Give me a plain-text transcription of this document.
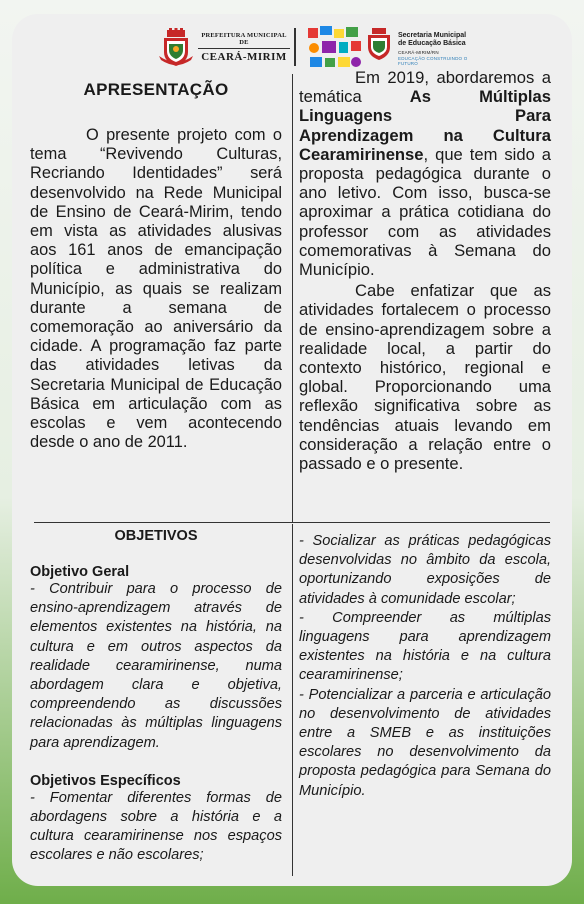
PREFEITURA MUNICIPAL DE
CEARÁ-MIRIM
Secretaria Municipal
de Educação Básica
CEARÁ-MIRIM/RN
EDUCAÇÃO CONSTRUINDO O FUTURO
APRESENTAÇÃO
O presente projeto com o tema “Revivendo Culturas, Recriando Identidades” será desenvolvido na Rede Municipal de Ensino de Ceará-Mirim, tendo em vista as atividades alusivas aos 161 anos de emancipação política e administrativa do Município, as quais se realizam durante a semana de comemoração ao aniversário da cidade. A programação faz parte das atividades letivas da Secretaria Municipal de Educação Básica em articulação com as escolas e vem acontecendo desde o ano de 2011.
Em 2019, abordaremos a temática As Múltiplas Linguagens Para Aprendizagem na Cultura Cearamirinense, que tem sido a proposta pedagógica durante o ano letivo. Com isso, busca-se aproximar a prática cotidiana do professor com as atividades comemorativas à Semana do Município.
Cabe enfatizar que as atividades fortalecem o processo de ensino-aprendizagem sobre a realidade local, a partir do contexto histórico, regional e global. Proporcionando uma reflexão significativa sobre as tendências atuais levando em consideração a relação entre o passado e o presente.
OBJETIVOS
Objetivo Geral
- Contribuir para o processo de ensino-aprendizagem através de elementos existentes na história, na cultura e em outros aspectos da realidade cearamirinense, numa abordagem clara e objetiva, compreendendo as discussões relacionadas às múltiplas linguagens para aprendizagem.
Objetivos Específicos
- Fomentar diferentes formas de abordagens sobre a história e a cultura cearamirinense nos espaços escolares e não escolares;
- Socializar as práticas pedagógicas desenvolvidas no âmbito da escola, oportunizando exposições de atividades à comunidade escolar;
- Compreender as múltiplas linguagens para aprendizagem existentes na história e na cultura cearamirinense;
- Potencializar a parceria e articulação no desenvolvimento de atividades entre a SMEB e as instituições escolares no desenvolvimento da proposta pedagógica para Semana do Município.
